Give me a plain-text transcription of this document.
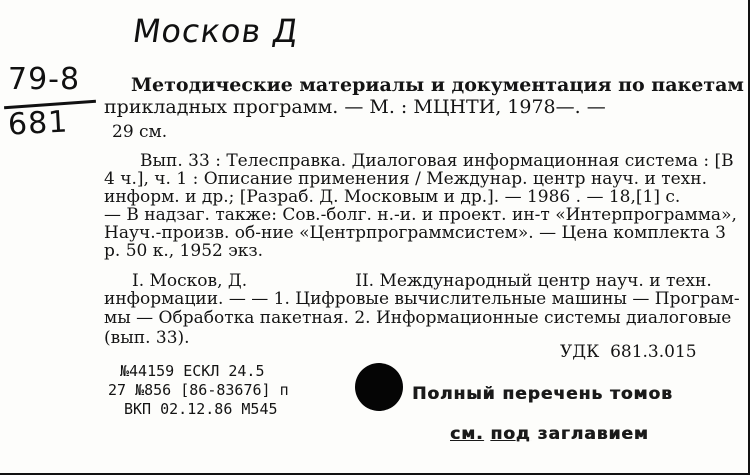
Москов Д
79-8
681
Методические материалы и документация по пакетам
прикладных программ. — М. : МЦНТИ, 1978—. —
29 см.
Вып. 33 : Телесправка. Диалоговая информационная система : [В
4 ч.], ч. 1 : Описание применения / Междунар. центр науч. и техн.
информ. и др.; [Разраб. Д. Московым и др.]. — 1986 . — 18,[1] с.
— В надзаг. также: Сов.-болг. н.-и. и проект. ин-т «Интерпрограмма»,
Науч.-произв. об-ние «Центрпрограммсистем». — Цена комплекта 3
р. 50 к., 1952 экз.
I. Москов, Д.                    II. Международный центр науч. и техн.
информации. — — 1. Цифровые вычислительные машины — Програм-
мы — Обработка пакетная. 2. Информационные системы диалоговые
(вып. 33).
УДК  681.3.015
№44159 ЕСКЛ 24.5
27 №856 [86-83676] п
ВКП 02.12.86 М545
Полный перечень томов
см. под заглавием
